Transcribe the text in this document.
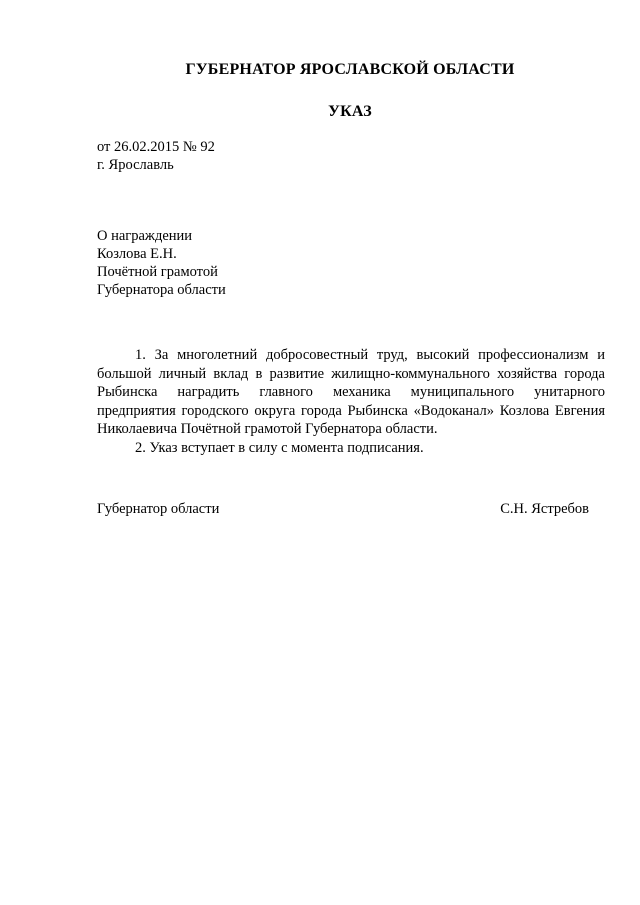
ГУБЕРНАТОР ЯРОСЛАВСКОЙ ОБЛАСТИ
УКАЗ
от 26.02.2015 № 92
г. Ярославль
О награждении
Козлова Е.Н.
Почётной грамотой
Губернатора области

1. За многолетний добросовестный труд, высокий профессионализм и большой личный вклад в развитие жилищно-коммунального хозяйства города Рыбинска наградить главного механика муниципального унитарного предприятия городского округа города Рыбинска «Водоканал» Козлова Евгения Николаевича Почётной грамотой Губернатора области.

2. Указ вступает в силу с момента подписания.

Губернатор области	С.Н. Ястребов
